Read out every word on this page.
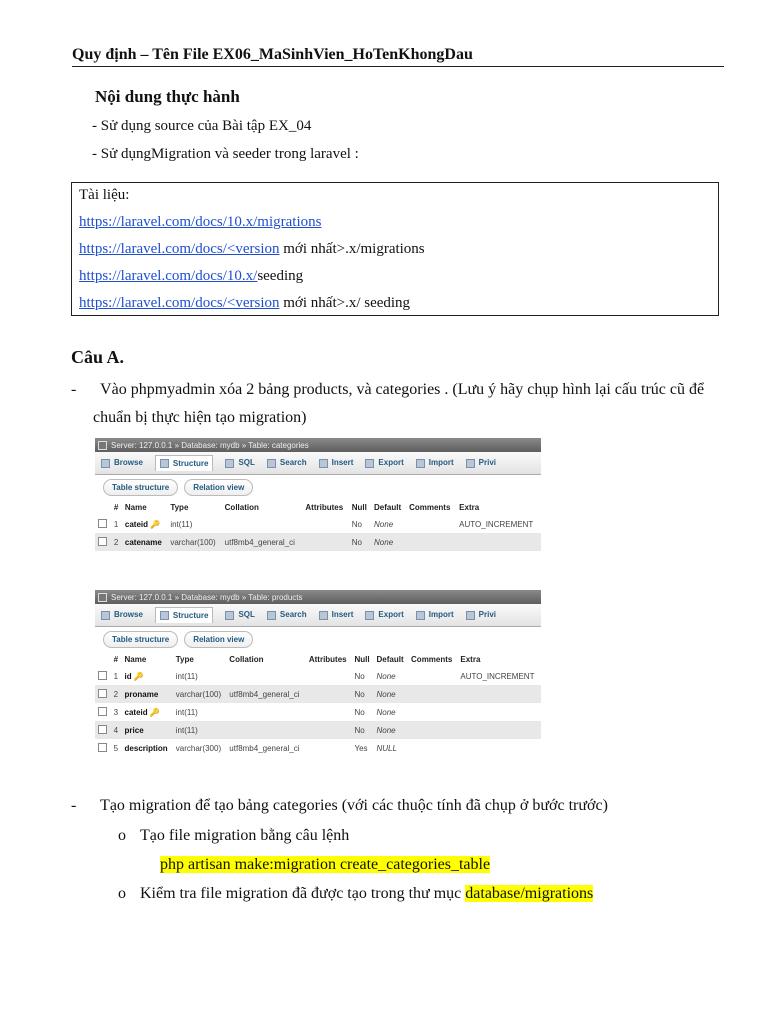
Quy định – Tên File EX06_MaSinhVien_HoTenKhongDau
Nội dung thực hành
- Sử dụng source của Bài tập EX_04
- Sử dụngMigration và seeder trong laravel :
Tài liệu:
https://laravel.com/docs/10.x/migrations
https://laravel.com/docs/<version mới nhất>.x/migrations
https://laravel.com/docs/10.x/seeding
https://laravel.com/docs/<version mới nhất>.x/ seeding
Câu A.
-      Vào phpmyadmin xóa 2 bảng products, và categories . (Lưu ý hãy chụp hình lại cấu trúc cũ để
chuẩn bị thực hiện tạo migration)
Server: 127.0.0.1 » Database: mydb » Table: categories
Browse	Structure	SQL	Search	Insert	Export	Import	Privi
Table structure	Relation view
	#	Name	Type	Collation	Attributes	Null	Default	Comments	Extra
	1	cateid 🔑	int(11)			No	None		AUTO_INCREMENT
	2	catename	varchar(100)	utf8mb4_general_ci		No	None		
Server: 127.0.0.1 » Database: mydb » Table: products
Browse	Structure	SQL	Search	Insert	Export	Import	Privi
Table structure	Relation view
	#	Name	Type	Collation	Attributes	Null	Default	Comments	Extra
	1	id 🔑	int(11)			No	None		AUTO_INCREMENT
	2	proname	varchar(100)	utf8mb4_general_ci		No	None		
	3	cateid 🔑	int(11)			No	None		
	4	price	int(11)			No	None		
	5	description	varchar(300)	utf8mb4_general_ci		Yes	NULL		
-      Tạo migration để tạo bảng categories (với các thuộc tính đã chụp ở bước trước)
o Tạo file migration bằng câu lệnh
php artisan make:migration create_categories_table
o Kiểm tra file migration đã được tạo trong thư mục database/migrations
